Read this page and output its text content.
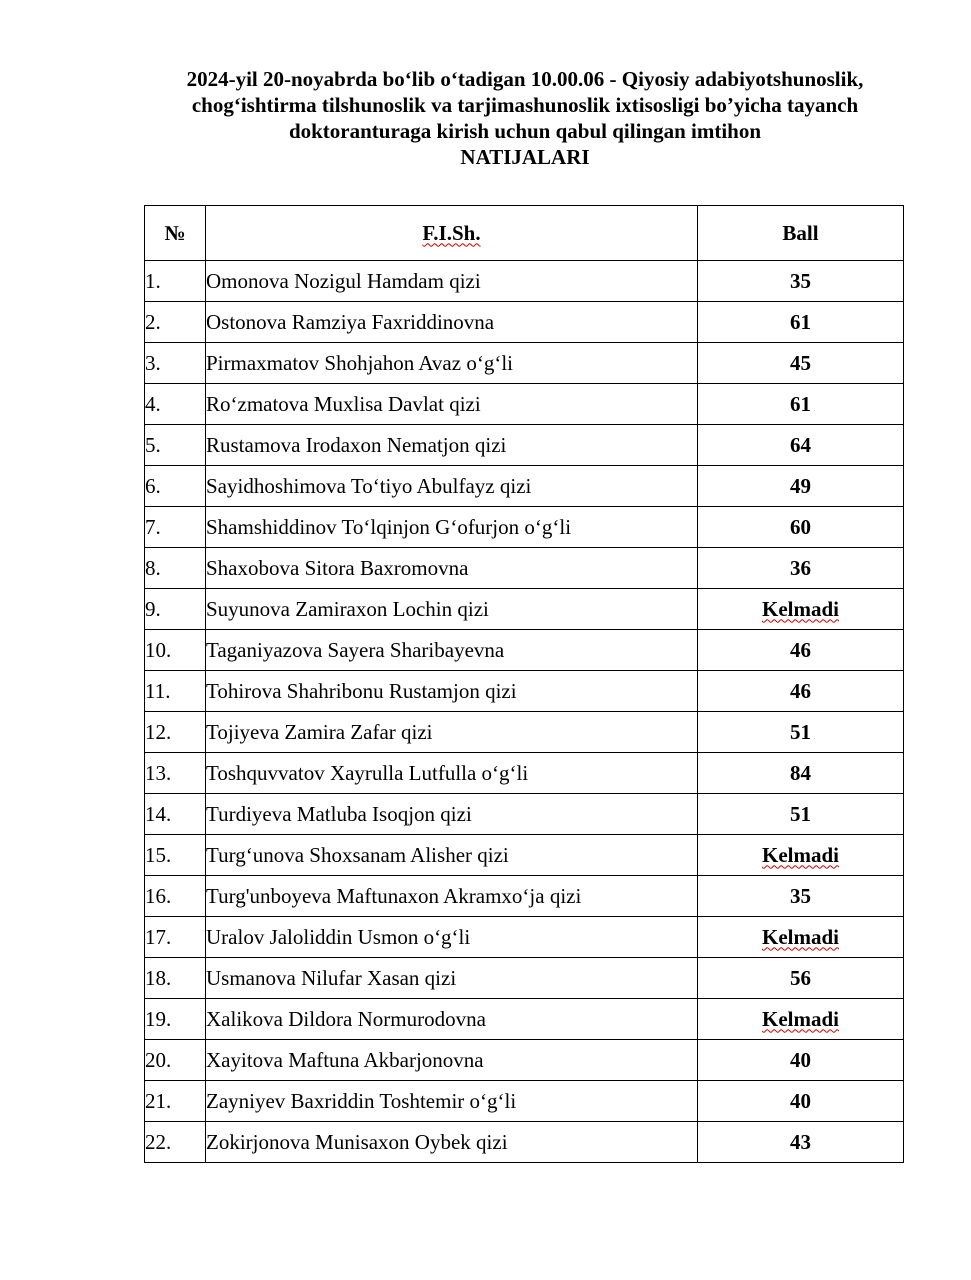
2024-yil 20-noyabrda bo‘lib o‘tadigan 10.00.06 - Qiyosiy adabiyotshunoslik,
chog‘ishtirma tilshunoslik va tarjimashunoslik ixtisosligi bo’yicha tayanch
doktoranturaga kirish uchun qabul qilingan imtihon
NATIJALARI
№	F.I.Sh.	Ball
1.	Omonova Nozigul Hamdam qizi	35
2.	Ostonova Ramziya Faxriddinovna	61
3.	Pirmaxmatov Shohjahon Avaz o‘g‘li	45
4.	Ro‘zmatova Muxlisa Davlat qizi	61
5.	Rustamova Irodaxon Nematjon qizi	64
6.	Sayidhoshimova To‘tiyo Abulfayz qizi	49
7.	Shamshiddinov To‘lqinjon G‘ofurjon o‘g‘li	60
8.	Shaxobova Sitora Baxromovna	36
9.	Suyunova Zamiraxon Lochin qizi	Kelmadi
10.	Taganiyazova Sayera Sharibayevna	46
11.	Tohirova Shahribonu Rustamjon qizi	46
12.	Tojiyeva Zamira Zafar qizi	51
13.	Toshquvvatov Xayrulla Lutfulla o‘g‘li	84
14.	Turdiyeva Matluba Isoqjon qizi	51
15.	Turg‘unova Shoxsanam Alisher qizi	Kelmadi
16.	Turg'unboyeva Maftunaxon Akramxo‘ja qizi	35
17.	Uralov Jaloliddin Usmon o‘g‘li	Kelmadi
18.	Usmanova Nilufar Xasan qizi	56
19.	Xalikova Dildora Normurodovna	Kelmadi
20.	Xayitova Maftuna Akbarjonovna	40
21.	Zayniyev Baxriddin Toshtemir o‘g‘li	40
22.	Zokirjonova Munisaxon Oybek qizi	43
